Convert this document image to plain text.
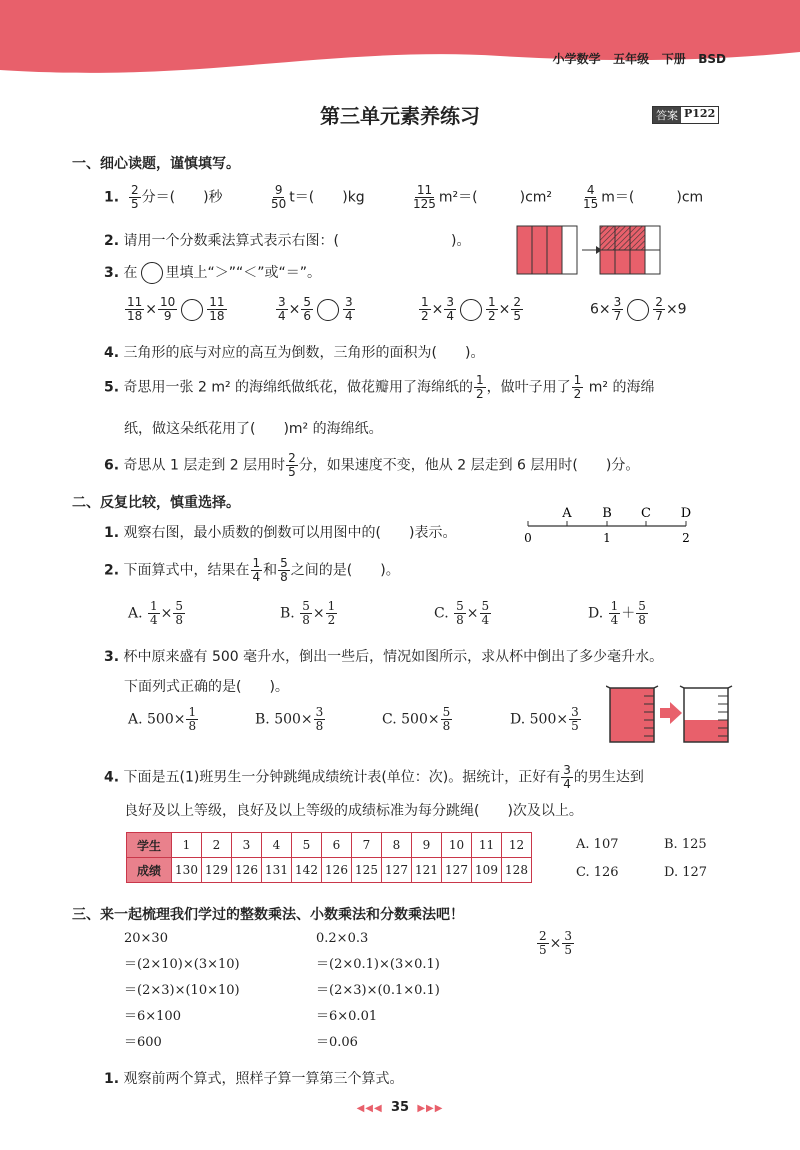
小学数学 五年级 下册 BSD
第三单元素养练习	答案 P122
一、细心读题，谨慎填写。
1. $\frac{2}{5}$ 分＝(　　)秒	$\frac{9}{50} t=$(　　)kg	$\frac{11}{125} m^2=$(　　　)$cm^2 \frac{4}{15} m=$(　　　)cm
2. 请用一个分数乘法算式表示右图：(　　　　　　　　)。
3. 在 里填上“＞”“＜”或“＝”。
$\frac{11}{18} \times \frac{10}{9}$	$\frac{11}{18}$	$\frac{3}{4} \times \frac{5}{6}$	$\frac{3}{4}$	$\frac{1}{2} \times \frac{3}{4}$	$\frac{1}{2} \times \frac{2}{5}$	$6\times \frac{3}{7}$	$\frac{2}{7} \times 9$
4. 三角形的底与对应的高互为倒数，三角形的面积为(　　)。
5. 奇思用一张 2 m² 的海绵纸做纸花，做花瓣用了海绵纸的 $\frac{1}{2}$ ，做叶子用了 $\frac{1}{2} m^2$ 的海绵
纸，做这朵纸花用了(　　)m² 的海绵纸。
6. 奇思从 1 层走到 2 层用时 $\frac{2}{5}$ 分，如果速度不变，他从 2 层走到 6 层用时(　　)分。
二、反复比较，慎重选择。
1. 观察右图，最小质数的倒数可以用图中的(　　)表示。
A B C D
0	1	2
2. 下面算式中，结果在 $\frac{1}{4}$ 和 $\frac{5}{8}$ 之间的是(　　)。
A. $\frac{1}{4} \times \frac{5}{8}$	B. $\frac{5}{8} \times \frac{1}{2}$	C. $\frac{5}{8} \times \frac{5}{4}$	D. $\frac{1}{4} + \frac{5}{8}$
3. 杯中原来盛有 500 毫升水，倒出一些后，情况如图所示，求从杯中倒出了多少毫升水。
下面列式正确的是(　　)。
A. $500\times \frac{1}{8}$	B. $500\times \frac{3}{8}$	C. $500\times \frac{5}{8}$	D. $500\times \frac{3}{5}$
4. 下面是五(1)班男生一分钟跳绳成绩统计表(单位：次)。据统计，正好有 $\frac{3}{4}$ 的男生达到
良好及以上等级，良好及以上等级的成绩标准为每分跳绳(　　)次及以上。
学生	1	2	3	4	5	6	7	8	9	10	11	12
成绩	130	129	126	131	142	126	125	127	121	127	109	128
A. 107	B. 125
C. 126	D. 127
三、来一起梳理我们学过的整数乘法、小数乘法和分数乘法吧！
20×30
＝(2×10)×(3×10)
＝(2×3)×(10×10)
＝6×100
＝600
0.2×0.3
＝(2×0.1)×(3×0.1)
＝(2×3)×(0.1×0.1)
＝6×0.01
＝0.06
$\frac{2}{5} \times \frac{3}{5}$
1. 观察前两个算式，照样子算一算第三个算式。
◀◀◀ 35 ▶▶▶
